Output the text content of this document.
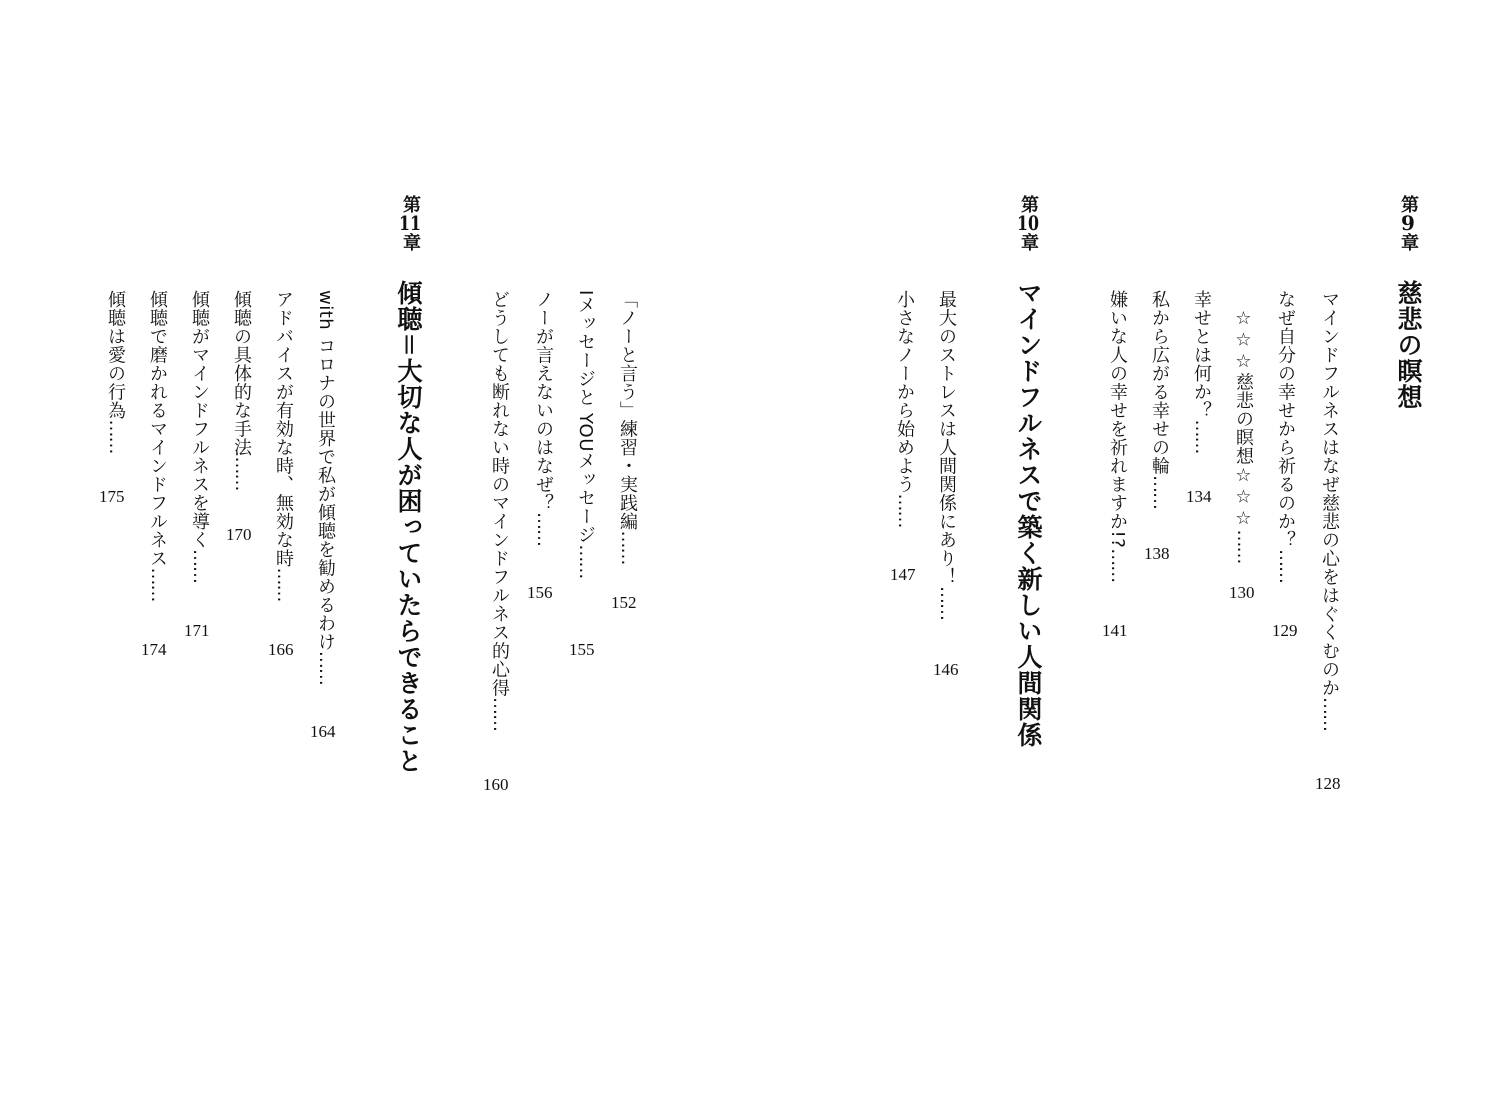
第9章
慈悲の瞑想
マインドフルネスはなぜ慈悲の心をはぐくむのか……
128
なぜ自分の幸せから祈るのか？……
129
☆☆☆慈悲の瞑想☆☆☆……
130
幸せとは何か？……
134
私から広がる幸せの輪……
138
嫌いな人の幸せを祈れますか!?……
141
第10章
マインドフルネスで築く新しい人間関係
最大のストレスは人間関係にあり！……
146
小さなノーから始めよう……
147
「ノーと言う」練習・実践編……
152
Iメッセージと YOUメッセージ……
155
ノーが言えないのはなぜ？……
156
どうしても断れない時のマインドフルネス的心得……
160
第11章
傾聴＝大切な人が困っていたらできること
with コロナの世界で私が傾聴を勧めるわけ……
164
アドバイスが有効な時、無効な時……
166
傾聴の具体的な手法……
170
傾聴がマインドフルネスを導く……
171
傾聴で磨かれるマインドフルネス……
174
傾聴は愛の行為……
175
